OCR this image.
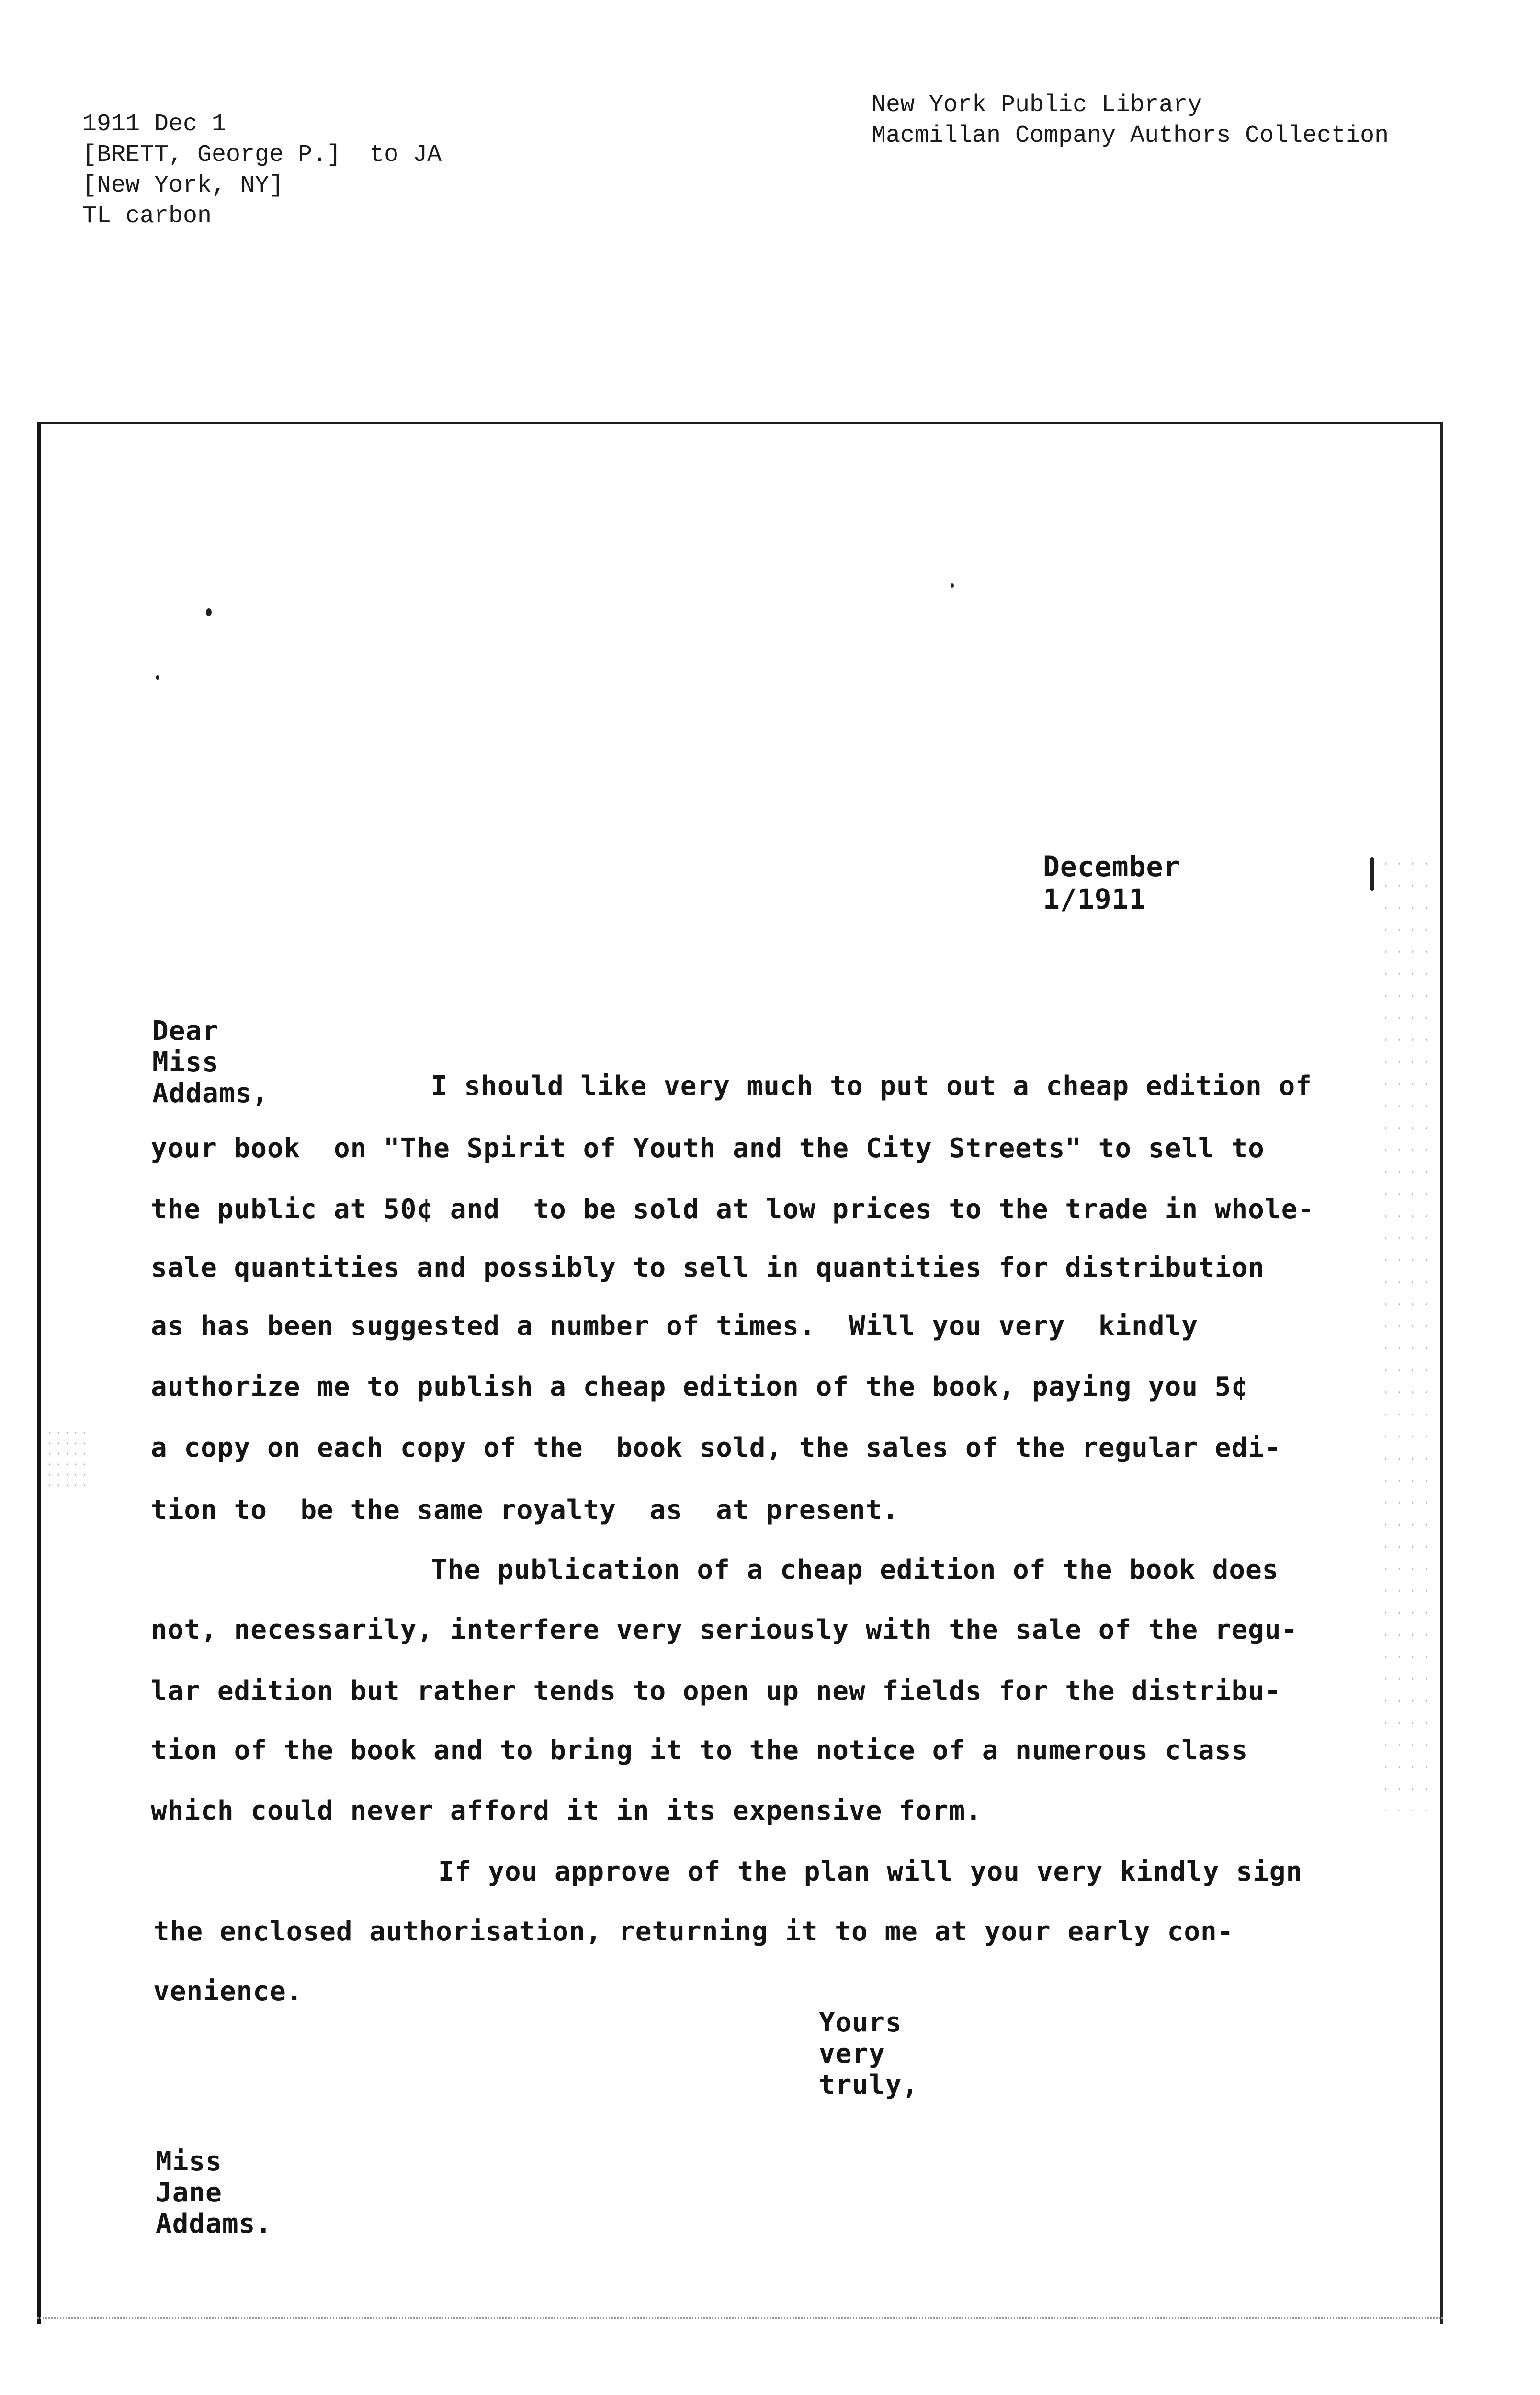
1911 Dec 1
[BRETT, George P.]  to JA
[New York, NY]
TL carbon
New York Public Library
Macmillan Company Authors Collection
December 1/1911
Dear Miss Addams,	I should like very much to put out a cheap edition of
your book  on "The Spirit of Youth and the City Streets" to sell to
the public at 50¢ and  to be sold at low prices to the trade in whole-
sale quantities and possibly to sell in quantities for distribution
as has been suggested a number of times.  Will you very  kindly
authorize me to publish a cheap edition of the book, paying you 5¢
a copy on each copy of the  book sold, the sales of the regular edi-
tion to  be the same royalty  as  at present.
The publication of a cheap edition of the book does
not, necessarily, interfere very seriously with the sale of the regu-
lar edition but rather tends to open up new fields for the distribu-
tion of the book and to bring it to the notice of a numerous class
which could never afford it in its expensive form.
If you approve of the plan will you very kindly sign
the enclosed authorisation, returning it to me at your early con-
venience.
Yours very truly,
Miss Jane Addams.
